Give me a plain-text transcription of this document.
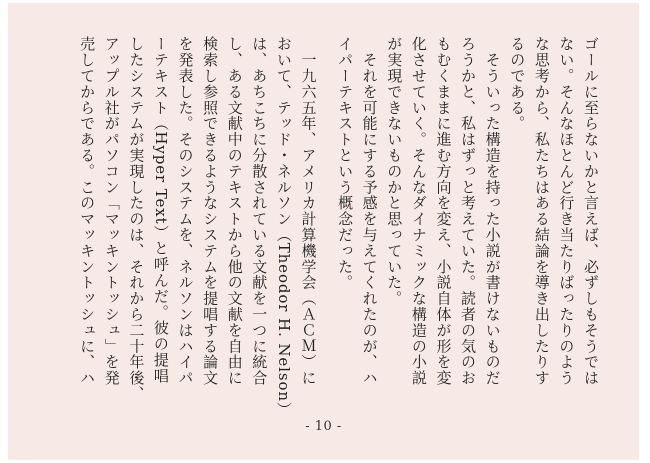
ゴールに至らないかと言えば、必ずしもそうでは
ない。そんなほとんど行き当たりばったりのよう
な思考から、私たちはある結論を導き出したりす
るのである。
　そういった構造を持った小説が書けないものだ
ろうかと、私はずっと考えていた。読者の気のお
もむくままに進む方向を変え、小説自体が形を変
化させていく。そんなダイナミックな構造の小説
が実現できないものかと思っていた。
　それを可能にする予感を与えてくれたのが、ハ
イパーテキストという概念だった。
　一九六五年、アメリカ計算機学会（ＡＣＭ）に
おいて、テッド・ネルソン（Theodor H. Nelson）
は、あちこちに分散されている文献を一つに統合
し、ある文献中のテキストから他の文献を自由に
検索し参照できるようなシステムを提唱する論文
を発表した。そのシステムを、ネルソンはハイパ
ーテキスト（Hyper Text）と呼んだ。彼の提唱
したシステムが実現したのは、それから二十年後、
アップル社がパソコン「マッキントッシュ」を発
売してからである。このマッキントッシュに、ハ
- 10 -
